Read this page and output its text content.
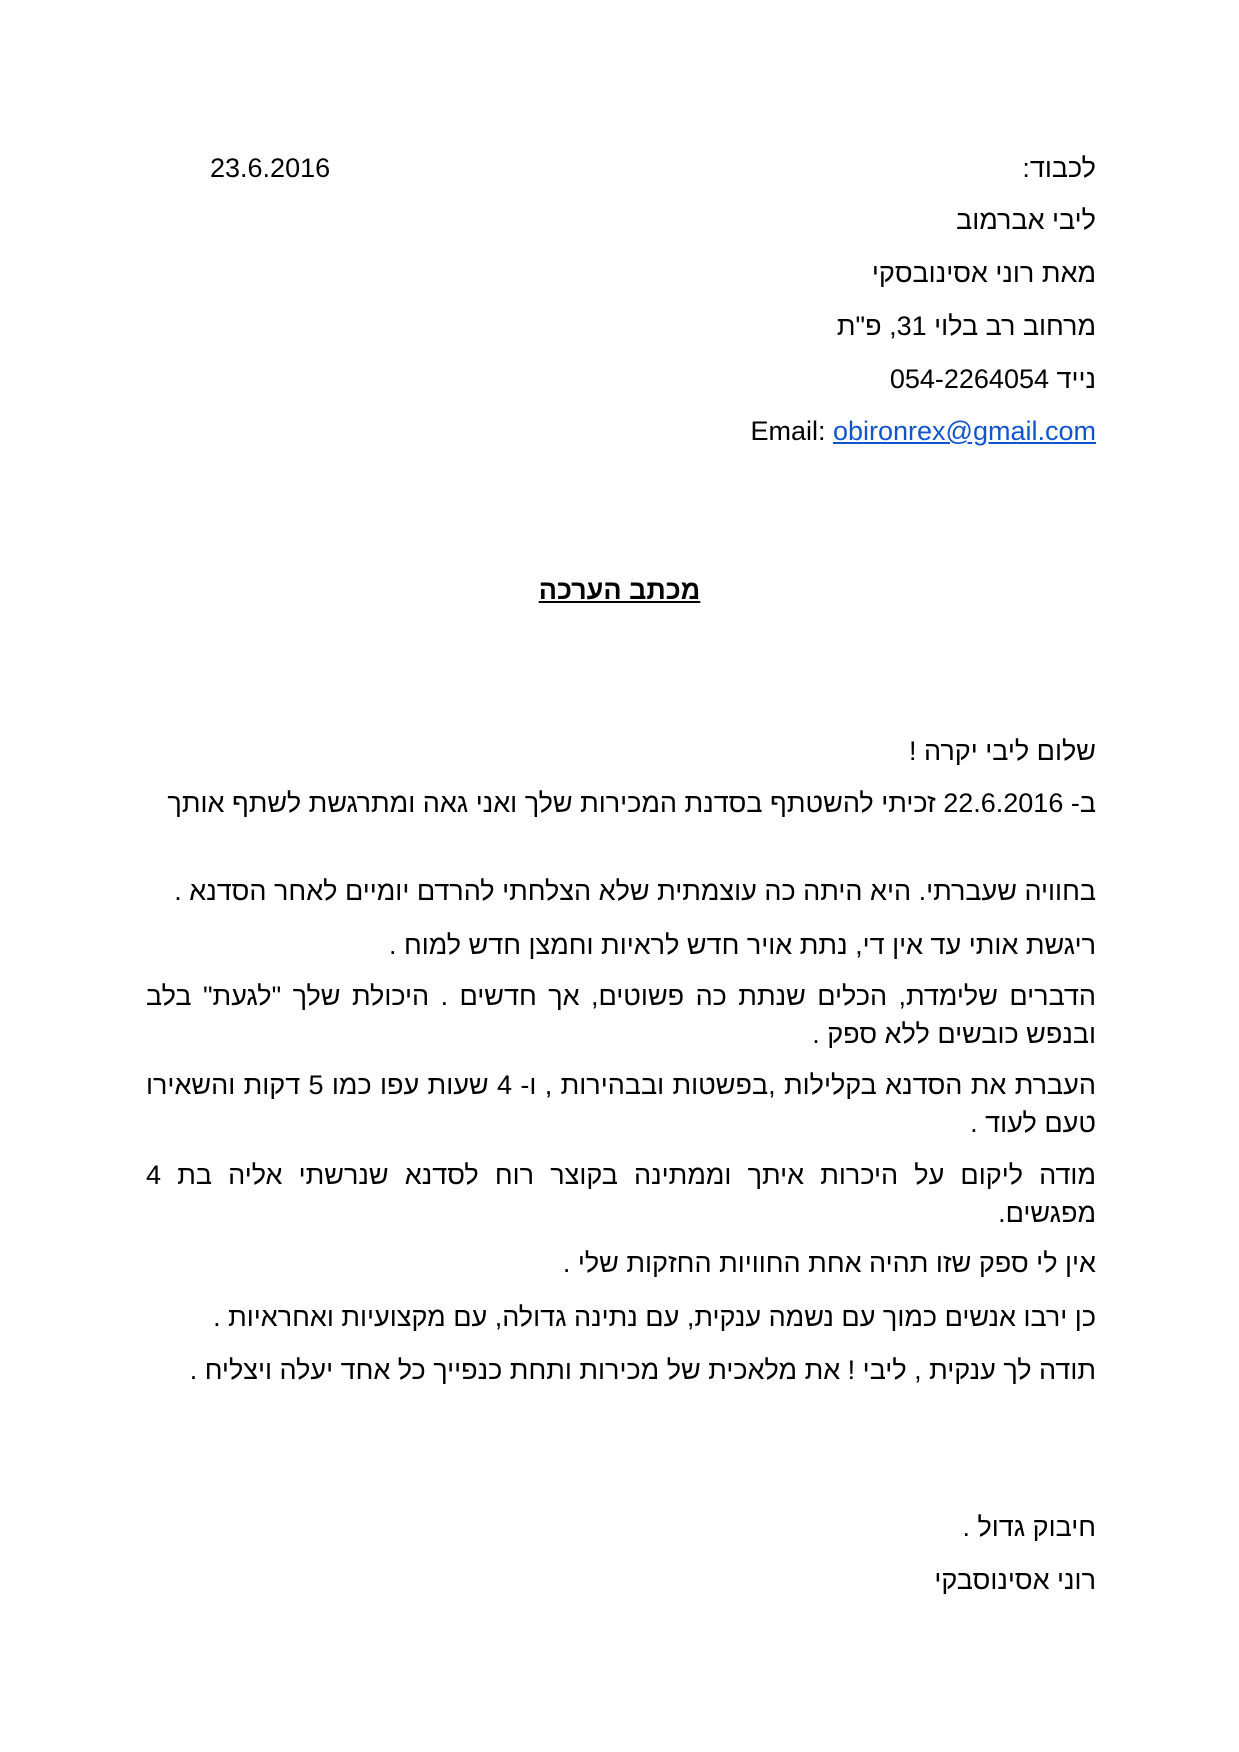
23.6.2016	לכבוד:
ליבי אברמוב
מאת רוני אסינובסקי
מרחוב רב בלוי 31, פ"ת
נייד 054-2264054
Email: obironrex@gmail.com
מכתב הערכה
שלום ליבי יקרה !
ב- 22.6.2016 זכיתי להשטתף בסדנת המכירות שלך ואני גאה ומתרגשת לשתף אותך
בחוויה שעברתי. היא היתה כה עוצמתית שלא הצלחתי להרדם יומיים לאחר הסדנא .
ריגשת אותי עד אין די, נתת אויר חדש לראיות וחמצן חדש למוח .
הדברים שלימדת, הכלים שנתת כה פשוטים, אך חדשים . היכולת שלך "לגעת" בלב ובנפש כובשים ללא ספק .
העברת את הסדנא בקלילות ,בפשטות ובבהירות , ו- 4 שעות עפו כמו 5 דקות והשאירו טעם לעוד .
מודה ליקום על היכרות איתך וממתינה בקוצר רוח לסדנא שנרשתי אליה בת 4 מפגשים.
אין לי ספק שזו תהיה אחת החוויות החזקות שלי .
כן ירבו אנשים כמוך עם נשמה ענקית, עם נתינה גדולה, עם מקצועיות ואחראיות .
תודה לך ענקית , ליבי ! את מלאכית של מכירות ותחת כנפייך כל אחד יעלה ויצליח .
חיבוק גדול .
רוני אסינוסבקי
